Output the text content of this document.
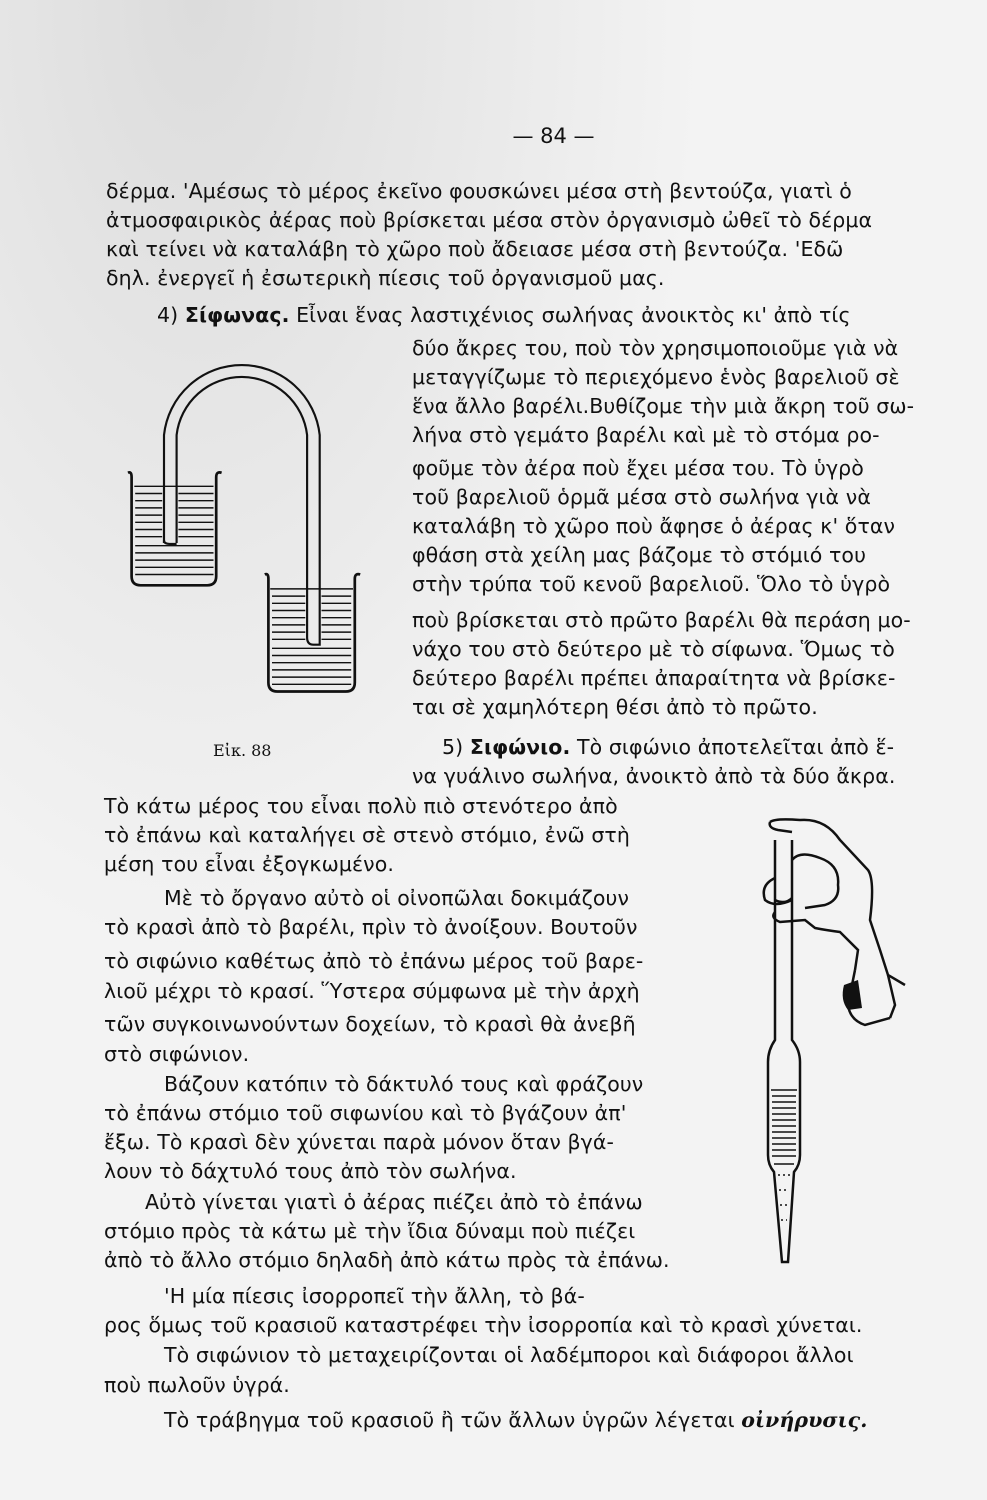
— 84 —
δέρμα. 'Αμέσως τὸ μέρος ἐκεῖνο φουσκώνει μέσα στὴ βεντούζα, γιατὶ ὁ
ἀτμοσφαιρικὸς ἀέρας ποὺ βρίσκεται μέσα στὸν ὀργανισμὸ ὠθεῖ τὸ δέρμα
καὶ τείνει νὰ καταλάβη τὸ χῶρο ποὺ ἄδειασε μέσα στὴ βεντούζα. 'Εδῶ
δηλ. ἐνεργεῖ ἡ ἐσωτερικὴ πίεσις τοῦ ὀργανισμοῦ μας.
4) Σίφωνας. Εἶναι ἕνας λαστιχένιος σωλήνας ἀνοικτὸς κι' ἀπὸ τίς
δύο ἄκρες του, ποὺ τὸν χρησιμοποιοῦμε γιὰ νὰ
μεταγγίζωμε τὸ περιεχόμενο ἑνὸς βαρελιοῦ σὲ
ἕνα ἄλλο βαρέλι.Βυθίζομε τὴν μιὰ ἄκρη τοῦ σω-
λήνα στὸ γεμάτο βαρέλι καὶ μὲ τὸ στόμα ρο-
φοῦμε τὸν ἀέρα ποὺ ἔχει μέσα του. Τὸ ὑγρὸ
τοῦ βαρελιοῦ ὁρμᾶ μέσα στὸ σωλήνα γιὰ νὰ
καταλάβη τὸ χῶρο ποὺ ἄφησε ὁ ἀέρας κ' ὅταν
φθάση στὰ χείλη μας βάζομε τὸ στόμιό του
στὴν τρύπα τοῦ κενοῦ βαρελιοῦ. Ὅλο τὸ ὑγρὸ
ποὺ βρίσκεται στὸ πρῶτο βαρέλι θὰ περάση μο-
νάχο του στὸ δεύτερο μὲ τὸ σίφωνα. Ὅμως τὸ
δεύτερο βαρέλι πρέπει ἀπαραίτητα νὰ βρίσκε-
ται σὲ χαμηλότερη θέσι ἀπὸ τὸ πρῶτο.
Εἰκ. 88	5) Σιφώνιο. Τὸ σιφώνιο ἀποτελεῖται ἀπὸ ἕ-
να γυάλινο σωλήνα, ἀνοικτὸ ἀπὸ τὰ δύο ἄκρα.
Τὸ κάτω μέρος του εἶναι πολὺ πιὸ στενότερο ἀπὸ
τὸ ἐπάνω καὶ καταλήγει σὲ στενὸ στόμιο, ἐνῶ στὴ
μέση του εἶναι ἐξογκωμένο.
Μὲ τὸ ὄργανο αὐτὸ οἱ οἰνοπῶλαι δοκιμάζουν
τὸ κρασὶ ἀπὸ τὸ βαρέλι, πρὶν τὸ ἀνοίξουν. Βουτοῦν
τὸ σιφώνιο καθέτως ἀπὸ τὸ ἐπάνω μέρος τοῦ βαρε-
λιοῦ μέχρι τὸ κρασί. Ὕστερα σύμφωνα μὲ τὴν ἀρχὴ
τῶν συγκοινωνούντων δοχείων, τὸ κρασὶ θὰ ἀνεβῆ
στὸ σιφώνιον.
Βάζουν κατόπιν τὸ δάκτυλό τους καὶ φράζουν
τὸ ἐπάνω στόμιο τοῦ σιφωνίου καὶ τὸ βγάζουν ἀπ'
ἔξω. Τὸ κρασὶ δὲν χύνεται παρὰ μόνον ὅταν βγά-
λουν τὸ δάχτυλό τους ἀπὸ τὸν σωλήνα.
Αὐτὸ γίνεται γιατὶ ὁ ἀέρας πιέζει ἀπὸ τὸ ἐπάνω
στόμιο πρὸς τὰ κάτω μὲ τὴν ἴδια δύναμι ποὺ πιέζει
ἀπὸ τὸ ἄλλο στόμιο δηλαδὴ ἀπὸ κάτω πρὸς τὰ ἐπάνω.
'Η μία πίεσις ἰσορροπεῖ τὴν ἄλλη, τὸ βά-
ρος ὅμως τοῦ κρασιοῦ καταστρέφει τὴν ἰσορροπία καὶ τὸ κρασὶ χύνεται.
Τὸ σιφώνιον τὸ μεταχειρίζονται οἱ λαδέμποροι καὶ διάφοροι ἄλλοι
ποὺ πωλοῦν ὑγρά.
Τὸ τράβηγμα τοῦ κρασιοῦ ἢ τῶν ἄλλων ὑγρῶν λέγεται οἰνήρυσις.
